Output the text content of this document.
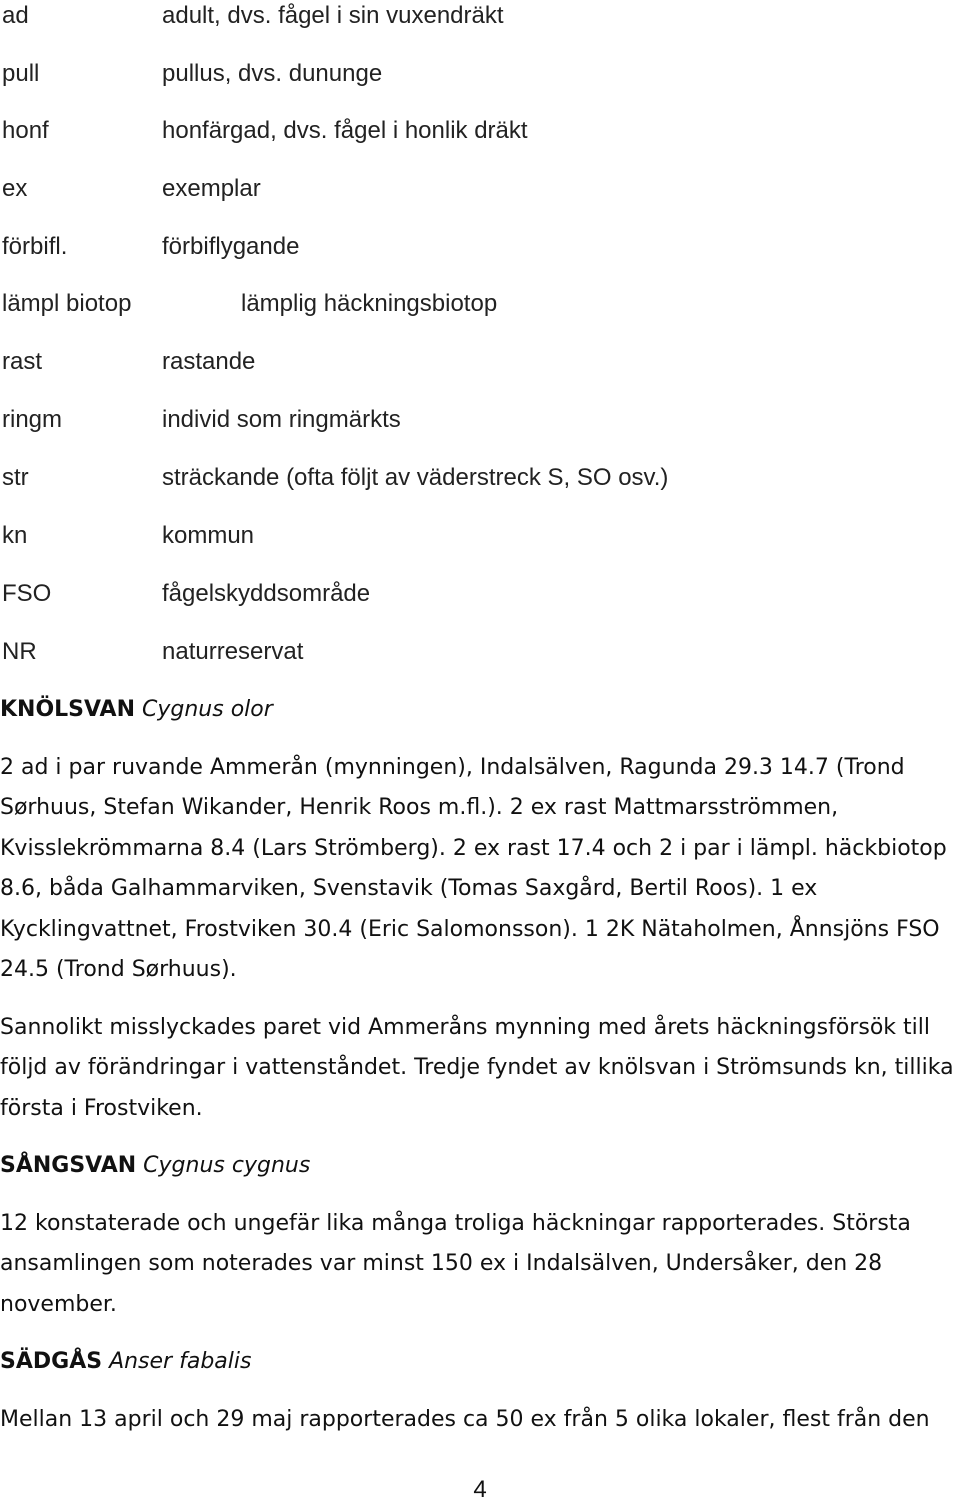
ad	adult, dvs. fågel i sin vuxendräkt
pull	pullus, dvs. dununge
honf	honfärgad, dvs. fågel i honlik dräkt
ex	exemplar
förbifl.	förbiflygande
lämpl biotop	lämplig häckningsbiotop
rast	rastande
ringm	individ som ringmärkts
str	sträckande (ofta följt av väderstreck S, SO osv.)
kn	kommun
FSO	fågelskyddsområde
NR	naturreservat

KNÖLSVAN Cygnus olor

2 ad i par ruvande Ammerån (mynningen), Indalsälven, Ragunda 29.3 14.7 (Trond Sørhuus, Stefan Wikander, Henrik Roos m.fl.). 2 ex rast Mattmarsströmmen, Kvisslekrömmarna 8.4 (Lars Strömberg). 2 ex rast 17.4 och 2 i par i lämpl. häckbiotop 8.6, båda Galhammarviken, Svenstavik (Tomas Saxgård, Bertil Roos). 1 ex Kycklingvattnet, Frostviken 30.4 (Eric Salomonsson). 1 2K Nätaholmen, Ånnsjöns FSO 24.5 (Trond Sørhuus).

Sannolikt misslyckades paret vid Ammeråns mynning med årets häckningsförsök till följd av förändringar i vattenståndet. Tredje fyndet av knölsvan i Strömsunds kn, tillika första i Frostviken.

SÅNGSVAN Cygnus cygnus

12 konstaterade och ungefär lika många troliga häckningar rapporterades. Största ansamlingen som noterades var minst 150 ex i Indalsälven, Undersåker, den 28 november.

SÄDGÅS Anser fabalis

Mellan 13 april och 29 maj rapporterades ca 50 ex från 5 olika lokaler, flest från den

4
